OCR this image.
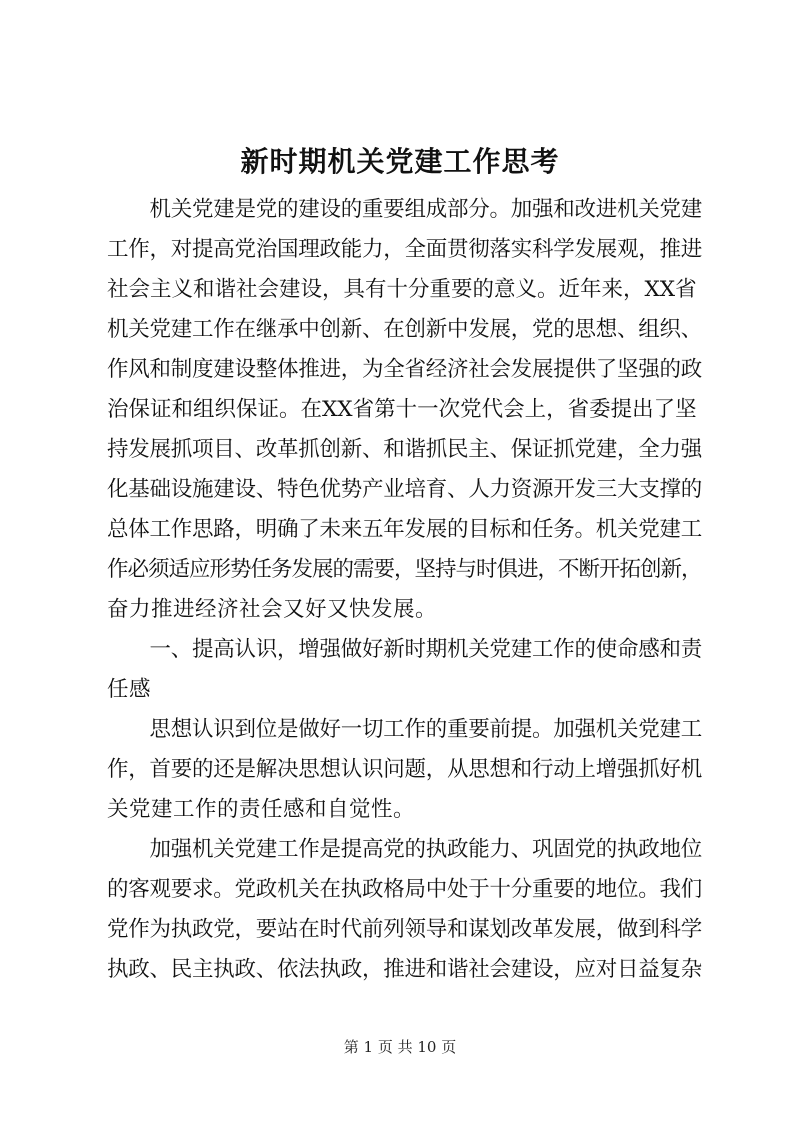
新时期机关党建工作思考
　　机关党建是党的建设的重要组成部分。加强和改进机关党建
工作，对提高党治国理政能力，全面贯彻落实科学发展观，推进
社会主义和谐社会建设，具有十分重要的意义。近年来，XX省
机关党建工作在继承中创新、在创新中发展，党的思想、组织、
作风和制度建设整体推进，为全省经济社会发展提供了坚强的政
治保证和组织保证。在XX省第十一次党代会上，省委提出了坚
持发展抓项目、改革抓创新、和谐抓民主、保证抓党建，全力强
化基础设施建设、特色优势产业培育、人力资源开发三大支撑的
总体工作思路，明确了未来五年发展的目标和任务。机关党建工
作必须适应形势任务发展的需要，坚持与时俱进，不断开拓创新，
奋力推进经济社会又好又快发展。
　　一、提高认识，增强做好新时期机关党建工作的使命感和责
任感
　　思想认识到位是做好一切工作的重要前提。加强机关党建工
作，首要的还是解决思想认识问题，从思想和行动上增强抓好机
关党建工作的责任感和自觉性。
　　加强机关党建工作是提高党的执政能力、巩固党的执政地位
的客观要求。党政机关在执政格局中处于十分重要的地位。我们
党作为执政党，要站在时代前列领导和谋划改革发展，做到科学
执政、民主执政、依法执政，推进和谐社会建设，应对日益复杂
第 1 页 共 10 页
